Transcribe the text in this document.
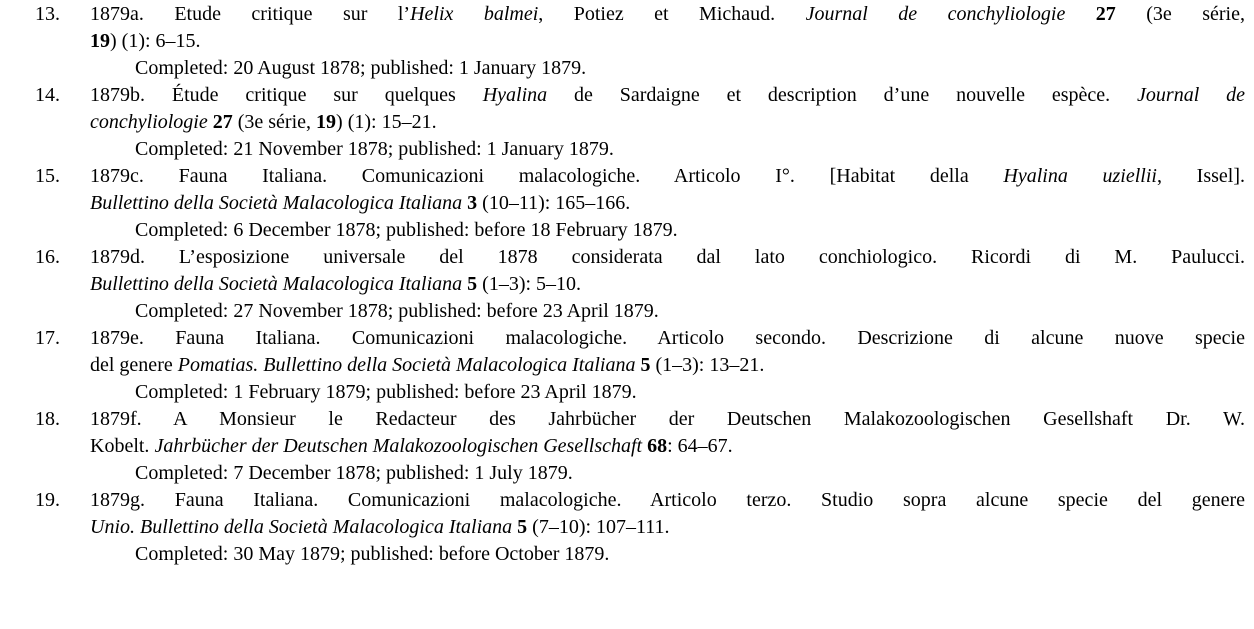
13. 1879a. Etude critique sur l’Helix balmei, Potiez et Michaud. Journal de conchyliologie 27 (3e série,
19) (1): 6–15.
Completed: 20 August 1878; published: 1 January 1879.
14. 1879b. Étude critique sur quelques Hyalina de Sardaigne et description d’une nouvelle espèce. Journal de
conchyliologie 27 (3e série, 19) (1): 15–21.
Completed: 21 November 1878; published: 1 January 1879.
15. 1879c. Fauna Italiana. Comunicazioni malacologiche. Articolo I°. [Habitat della Hyalina uziellii, Issel].
Bullettino della Società Malacologica Italiana 3 (10–11): 165–166.
Completed: 6 December 1878; published: before 18 February 1879.
16. 1879d. L’esposizione universale del 1878 considerata dal lato conchiologico. Ricordi di M. Paulucci.
Bullettino della Società Malacologica Italiana 5 (1–3): 5–10.
Completed: 27 November 1878; published: before 23 April 1879.
17. 1879e. Fauna Italiana. Comunicazioni malacologiche. Articolo secondo. Descrizione di alcune nuove specie
del genere Pomatias. Bullettino della Società Malacologica Italiana 5 (1–3): 13–21.
Completed: 1 February 1879; published: before 23 April 1879.
18. 1879f. A Monsieur le Redacteur des Jahrbücher der Deutschen Malakozoologischen Gesellshaft Dr. W.
Kobelt. Jahrbücher der Deutschen Malakozoologischen Gesellschaft 68: 64–67.
Completed: 7 December 1878; published: 1 July 1879.
19. 1879g. Fauna Italiana. Comunicazioni malacologiche. Articolo terzo. Studio sopra alcune specie del genere
Unio. Bullettino della Società Malacologica Italiana 5 (7–10): 107–111.
Completed: 30 May 1879; published: before October 1879.
